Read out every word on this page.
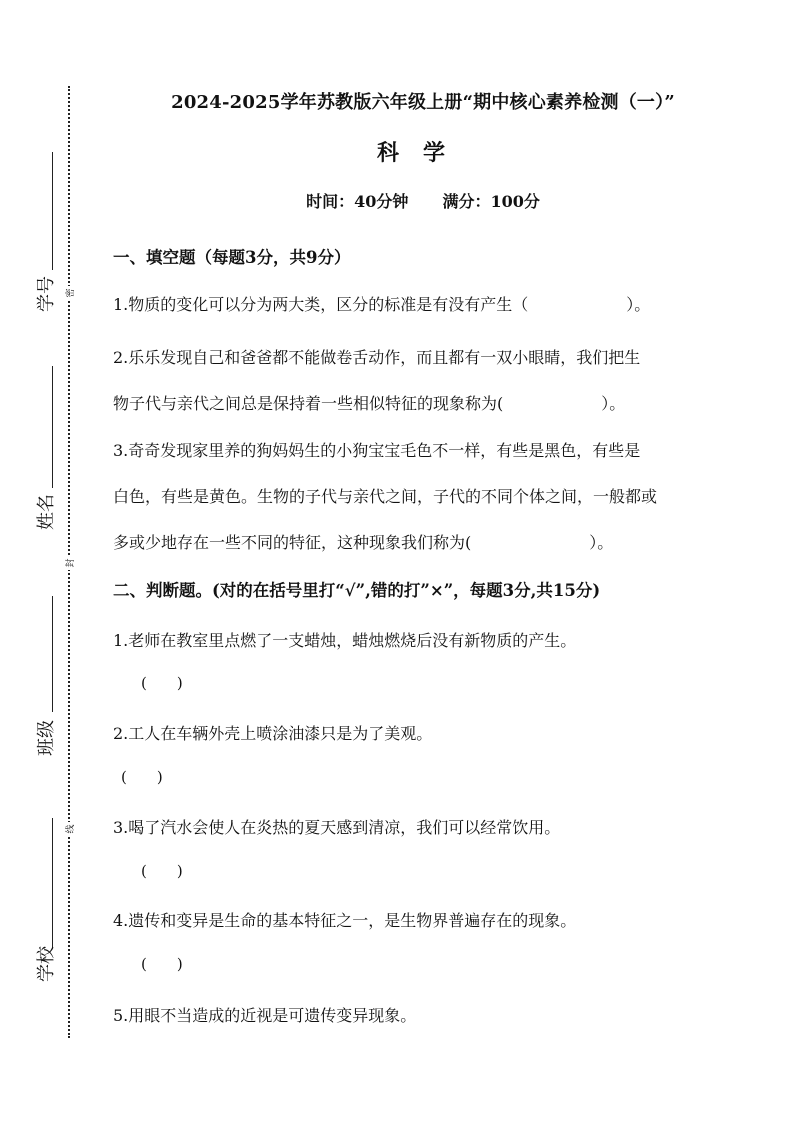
学号	密
姓名
封
班级
线
学校
2024-2025学年苏教版六年级上册“期中核心素养检测（一）”
科学
时间：40分钟 满分：100分
一、填空题（每题3分，共9分）
1.物质的变化可以分为两大类，区分的标准是有没有产生（	）。
2.乐乐发现自己和爸爸都不能做卷舌动作，而且都有一双小眼睛，我们把生
物子代与亲代之间总是保持着一些相似特征的现象称为(	）。
3.奇奇发现家里养的狗妈妈生的小狗宝宝毛色不一样，有些是黑色，有些是
白色，有些是黄色。生物的子代与亲代之间，子代的不同个体之间，一般都或
多或少地存在一些不同的特征，这种现象我们称为(	）。
二、判断题。(对的在括号里打“√”,错的打”×”，每题3分,共15分)
1.老师在教室里点燃了一支蜡烛，蜡烛燃烧后没有新物质的产生。
(　　)
2.工人在车辆外壳上喷涂油漆只是为了美观。
(　　)
3.喝了汽水会使人在炎热的夏天感到清凉，我们可以经常饮用。
(　　)
4.遗传和变异是生命的基本特征之一，是生物界普遍存在的现象。
(　　)
5.用眼不当造成的近视是可遗传变异现象。
